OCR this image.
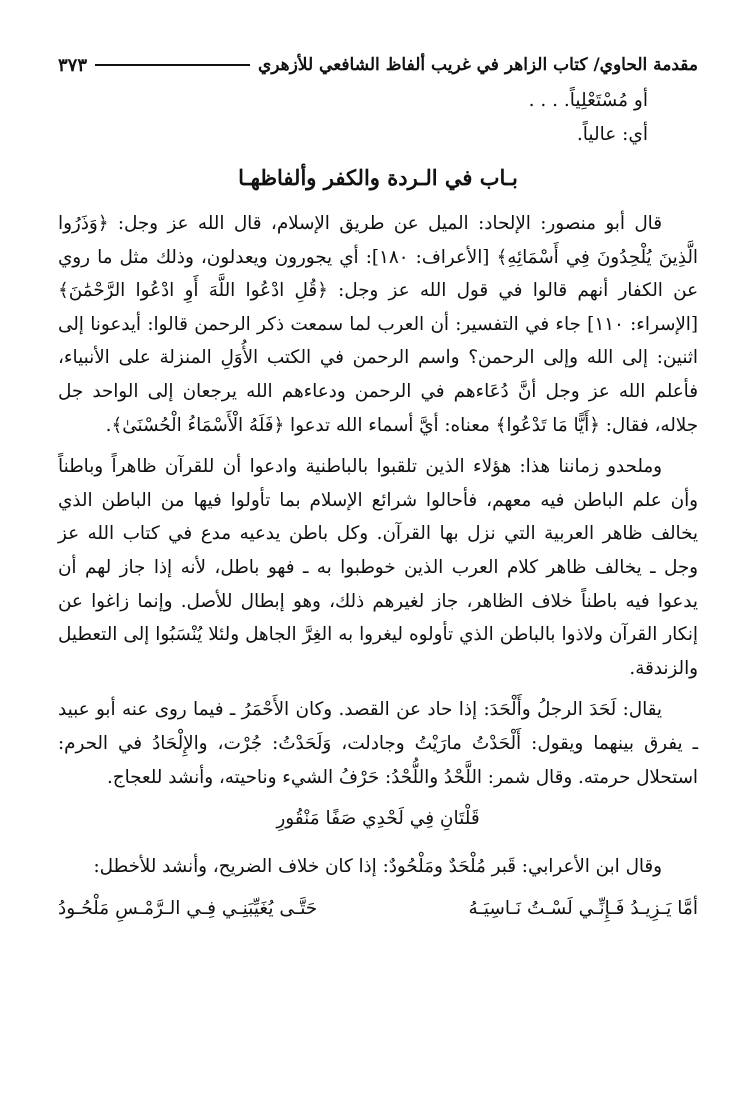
مقدمة الحاوي/ كتاب الزاهر في غريب ألفاظ الشافعي للأزهري
٣٧٣

أو مُسْتَعْلِياً. . . .

أي: عالياً.

بـاب في الـردة والكفر وألفاظهـا

قال أبو منصور: الإلحاد: الميل عن طريق الإسلام، قال الله عز وجل: ﴿وَذَرُوا الَّذِينَ يُلْحِدُونَ فِي أَسْمَائِهِ﴾ [الأعراف: ١٨٠]: أي يجورون ويعدلون، وذلك مثل ما روي عن الكفار أنهم قالوا في قول الله عز وجل: ﴿قُلِ ادْعُوا اللَّهَ أَوِ ادْعُوا الرَّحْمَٰنَ﴾ [الإسراء: ١١٠] جاء في التفسير: أن العرب لما سمعت ذكر الرحمن قالوا: أيدعونا إلى اثنين: إلى الله وإلى الرحمن؟ واسم الرحمن في الكتب الأُوَلِ المنزلة على الأنبياء، فأعلم الله عز وجل أنَّ دُعَاءهم في الرحمن ودعاءهم الله يرجعان إلى الواحد جل جلاله، فقال: ﴿أَيًّا مَا تَدْعُوا﴾ معناه: أيَّ أسماء الله تدعوا ﴿فَلَهُ الْأَسْمَاءُ الْحُسْنَىٰ﴾.

وملحدو زماننا هذا: هؤلاء الذين تلقبوا بالباطنية وادعوا أن للقرآن ظاهراً وباطناً وأن علم الباطن فيه معهم، فأحالوا شرائع الإسلام بما تأولوا فيها من الباطن الذي يخالف ظاهر العربية التي نزل بها القرآن. وكل باطن يدعيه مدع في كتاب الله عز وجل ـ يخالف ظاهر كلام العرب الذين خوطبوا به ـ فهو باطل، لأنه إذا جاز لهم أن يدعوا فيه باطناً خلاف الظاهر، جاز لغيرهم ذلك، وهو إبطال للأصل. وإنما زاغوا عن إنكار القرآن ولاذوا بالباطن الذي تأولوه ليغروا به الغِرَّ الجاهل ولئلا يُنْسَبُوا إلى التعطيل والزندقة.

يقال: لَحَدَ الرجلُ وأَلْحَدَ: إذا حاد عن القصد. وكان الأَحْمَرُ ـ فيما روى عنه أبو عبيد ـ يفرق بينهما ويقول: أَلْحَدْتُ مارَيْتُ وجادلت، وَلَحَدْتُ: جُرْت، والإِلْحَادُ في الحرم: استحلال حرمته. وقال شمر: اللَّحْدُ واللُّحْدُ: حَرْفُ الشيء وناحيته، وأنشد للعجاج.

قَلْتَانِ فِي لَحْدِي صَفًا مَنْقُورِ

وقال ابن الأعرابي: قَبر مُلْحَدٌ ومَلْحُودٌ: إذا كان خلاف الضريح، وأنشد للأخطل:

أمَّا يَـزِيـدُ فَـإِنِّـي لَسْـتُ نَـاسِيَـهُ
حَتَّـى يُغَيِّبَنِـي فِـي الـرَّمْـسِ مَلْحُـودُ
